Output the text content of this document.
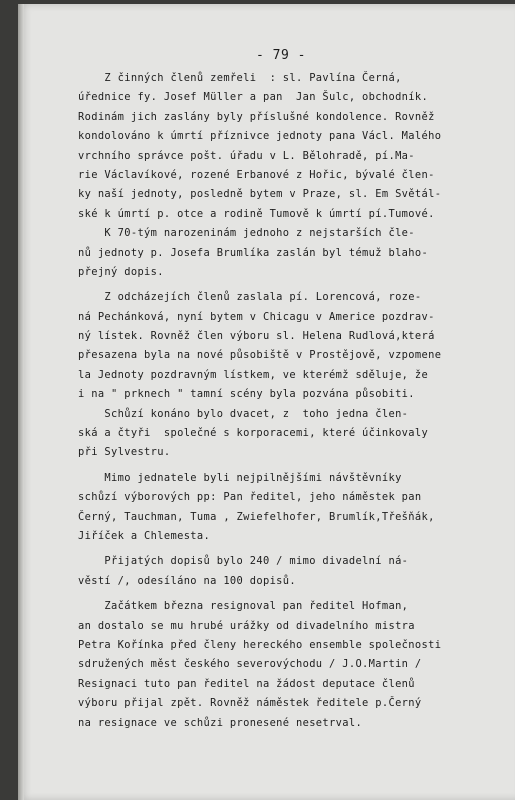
- 79 -
Z činných členů zemřeli  : sl. Pavlína Černá,
úřednice fy. Josef Müller a pan  Jan Šulc, obchodník.
Rodinám jich zaslány byly příslušné kondolence. Rovněž
kondolováno k úmrtí příznivce jednoty pana Václ. Malého
vrchního správce pošt. úřadu v L. Bělohradě, pí.Ma-
rie Václavíkové, rozené Erbanové z Hořic, bývalé člen-
ky naší jednoty, posledně bytem v Praze, sl. Em Světál-
ské k úmrtí p. otce a rodině Tumově k úmrtí pí.Tumové.
K 70-tým narozeninám jednoho z nejstarších čle-
nů jednoty p. Josefa Brumlíka zaslán byl témuž blaho-
přejný dopis.
Z odcházejích členů zaslala pí. Lorencová, roze-
ná Pechánková, nyní bytem v Chicagu v Americe pozdrav-
ný lístek. Rovněž člen výboru sl. Helena Rudlová,která
přesazena byla na nové působiště v Prostějově, vzpomene
la Jednoty pozdravným lístkem, ve kterémž sděluje, že
i na " prknech " tamní scény byla pozvána působiti.
Schůzí konáno bylo dvacet, z  toho jedna člen-
ská a čtyři  společné s korporacemi, které účinkovaly
při Sylvestru.
Mimo jednatele byli nejpilnějšími návštěvníky
schůzí výborových pp: Pan ředitel, jeho náměstek pan
Černý, Tauchman, Tuma , Zwiefelhofer, Brumlík,Třešňák,
Jiříček a Chlemesta.
Přijatých dopisů bylo 240 / mimo divadelní ná-
věstí /, odesíláno na 100 dopisů.
Začátkem března resignoval pan ředitel Hofman,
an dostalo se mu hrubé urážky od divadelního mistra
Petra Kořínka před členy hereckého ensemble společnosti
sdružených měst českého severovýchodu / J.O.Martin /
Resignaci tuto pan ředitel na žádost deputace členů
výboru přijal zpět. Rovněž náměstek ředitele p.Černý
na resignace ve schůzi pronesené nesetrval.
